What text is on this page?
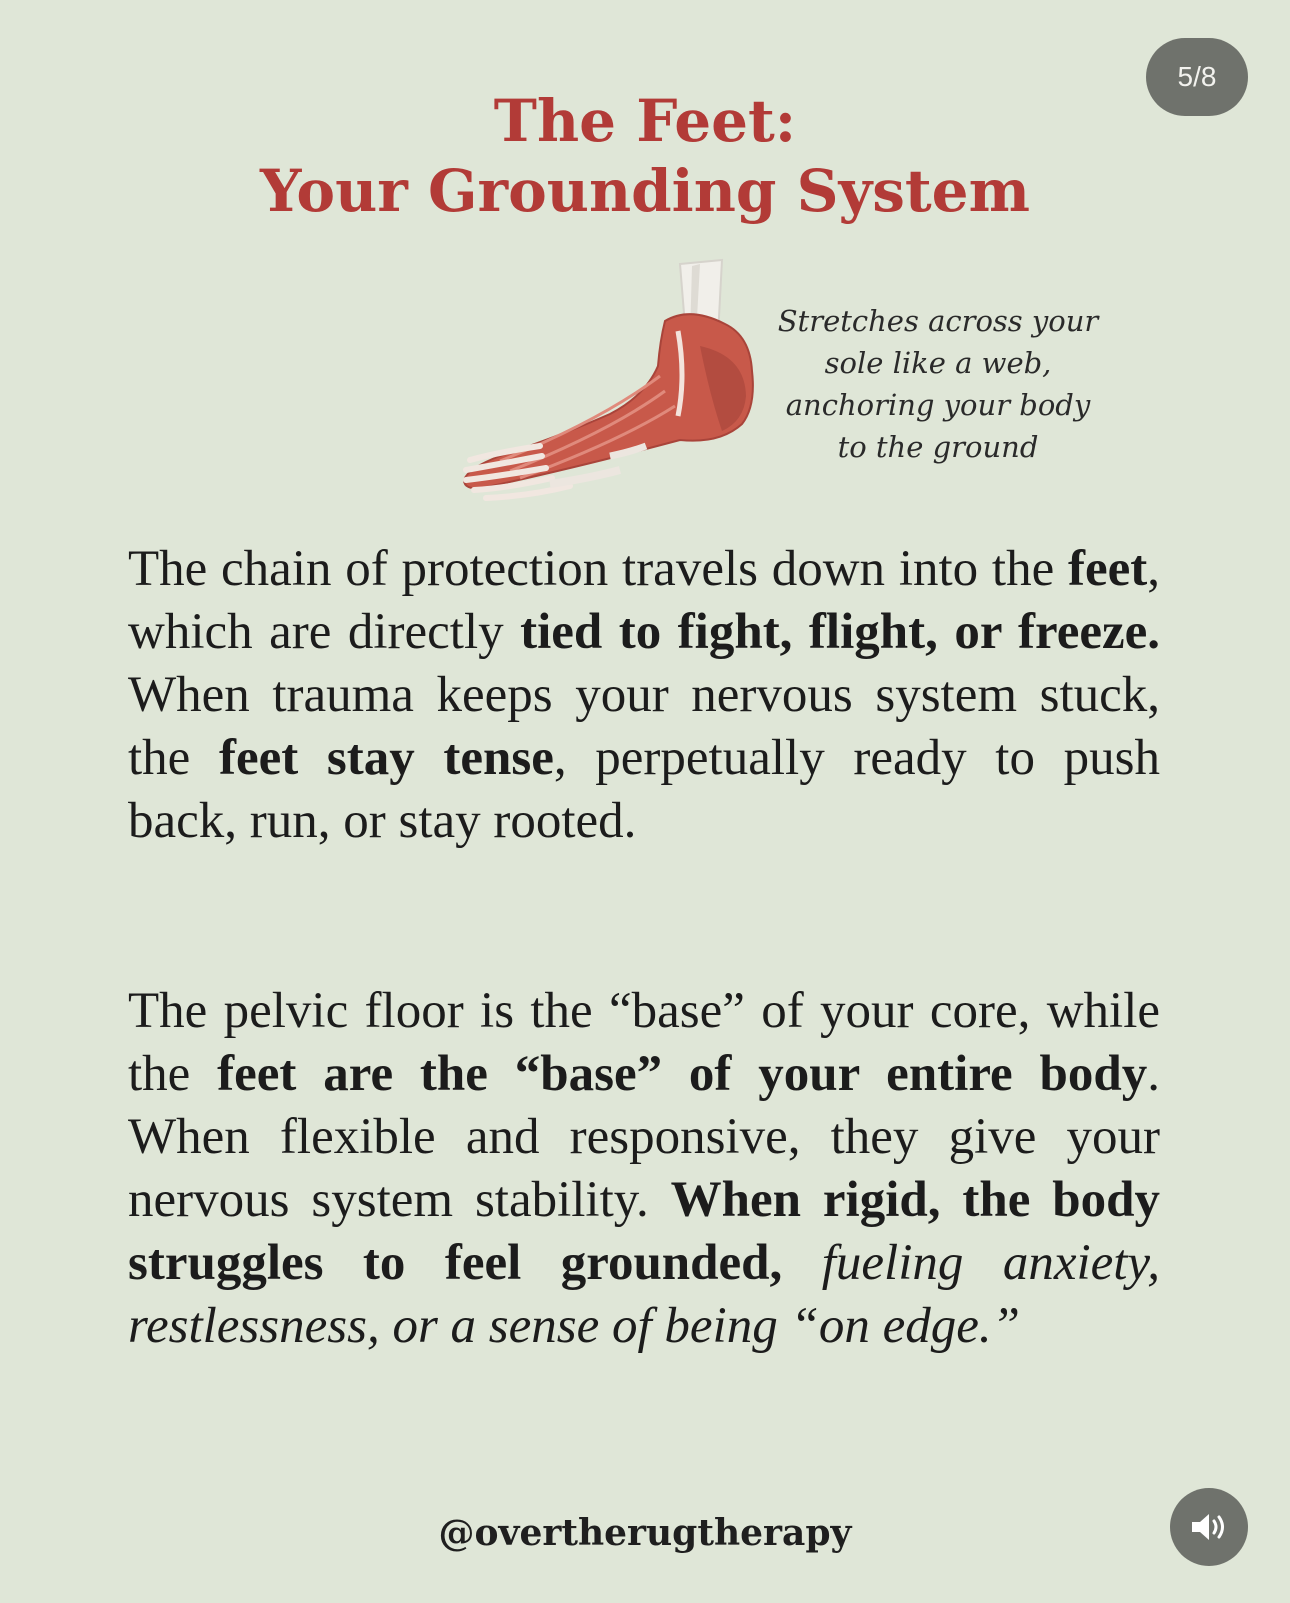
5/8
The Feet:
Your Grounding System
Stretches across your
sole like a web,
anchoring your body
to the ground
The chain of protection travels down into the feet, which are directly tied to fight, flight, or freeze. When trauma keeps your nervous system stuck, the feet stay tense, perpetually ready to push back, run, or stay rooted.
The pelvic floor is the “base” of your core, while the feet are the “base” of your entire body. When flexible and responsive, they give your nervous system stability. When rigid, the body struggles to feel grounded, fueling anxiety, restlessness, or a sense of being “on edge.”
@overtherugtherapy
